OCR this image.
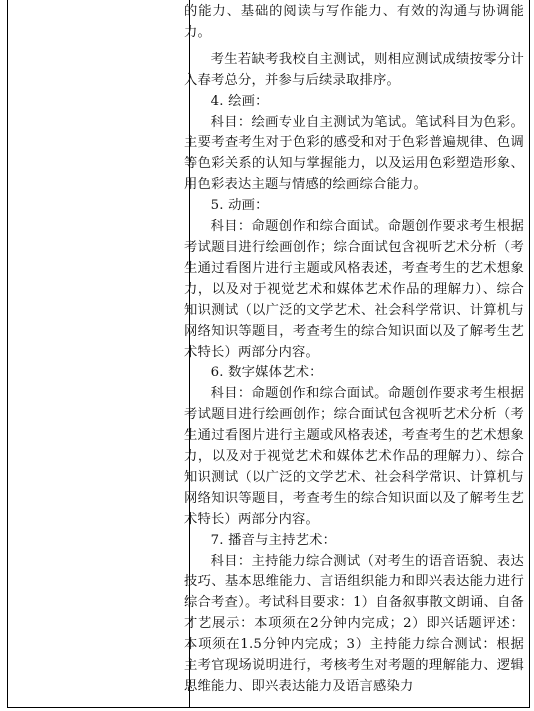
的能力、基础的阅读与写作能力、有效的沟通与协调能力。

考生若缺考我校自主测试，则相应测试成绩按零分计入春考总分，并参与后续录取排序。

4. 绘画：

科目：绘画专业自主测试为笔试。笔试科目为色彩。主要考查考生对于色彩的感受和对于色彩普遍规律、色调等色彩关系的认知与掌握能力，以及运用色彩塑造形象、用色彩表达主题与情感的绘画综合能力。

5. 动画：

科目：命题创作和综合面试。命题创作要求考生根据考试题目进行绘画创作；综合面试包含视听艺术分析（考生通过看图片进行主题或风格表述，考查考生的艺术想象力，以及对于视觉艺术和媒体艺术作品的理解力）、综合知识测试（以广泛的文学艺术、社会科学常识、计算机与网络知识等题目，考查考生的综合知识面以及了解考生艺术特长）两部分内容。

6. 数字媒体艺术：

科目：命题创作和综合面试。命题创作要求考生根据考试题目进行绘画创作；综合面试包含视听艺术分析（考生通过看图片进行主题或风格表述，考查考生的艺术想象力，以及对于视觉艺术和媒体艺术作品的理解力）、综合知识测试（以广泛的文学艺术、社会科学常识、计算机与网络知识等题目，考查考生的综合知识面以及了解考生艺术特长）两部分内容。

7. 播音与主持艺术：

科目：主持能力综合测试（对考生的语音语貌、表达技巧、基本思维能力、言语组织能力和即兴表达能力进行综合考查）。考试科目要求：1）自备叙事散文朗诵、自备才艺展示：本项须在2分钟内完成；2）即兴话题评述：本项须在1.5分钟内完成；3）主持能力综合测试：根据主考官现场说明进行，考核考生对考题的理解能力、逻辑思维能力、即兴表达能力及语言感染力
